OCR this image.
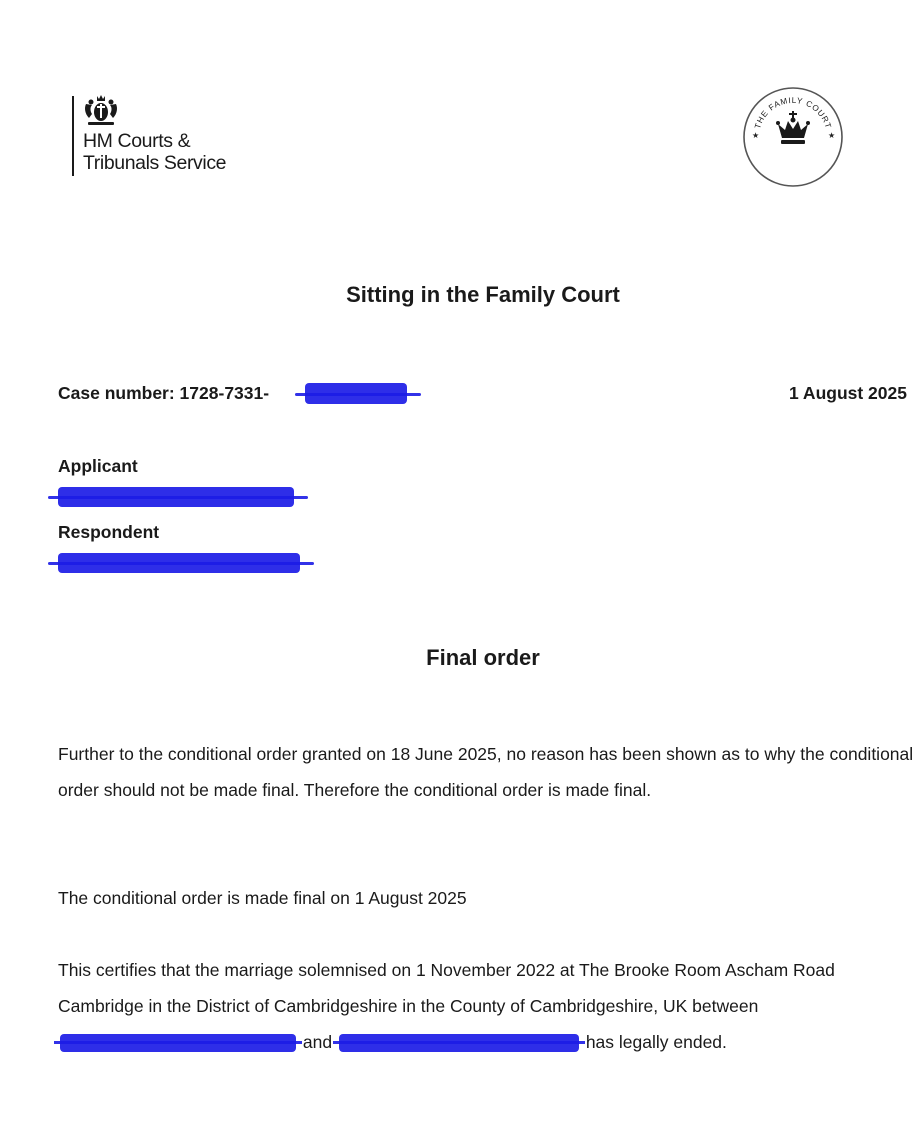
HM Courts &
Tribunals Service
THE FAMILY COURT
★	★
Sitting in the Family Court
Case number: 1728-7331-	1 August 2025
Applicant
Respondent
Final order
Further to the conditional order granted on 18 June 2025, no reason has been shown as to why the conditional order should not be made final. Therefore the conditional order is made final.
The conditional order is made final on 1 August 2025
This certifies that the marriage solemnised on 1 November 2022 at The Brooke Room Ascham Road Cambridge in the District of Cambridgeshire in the County of Cambridgeshire, UK between  and	has legally ended.
